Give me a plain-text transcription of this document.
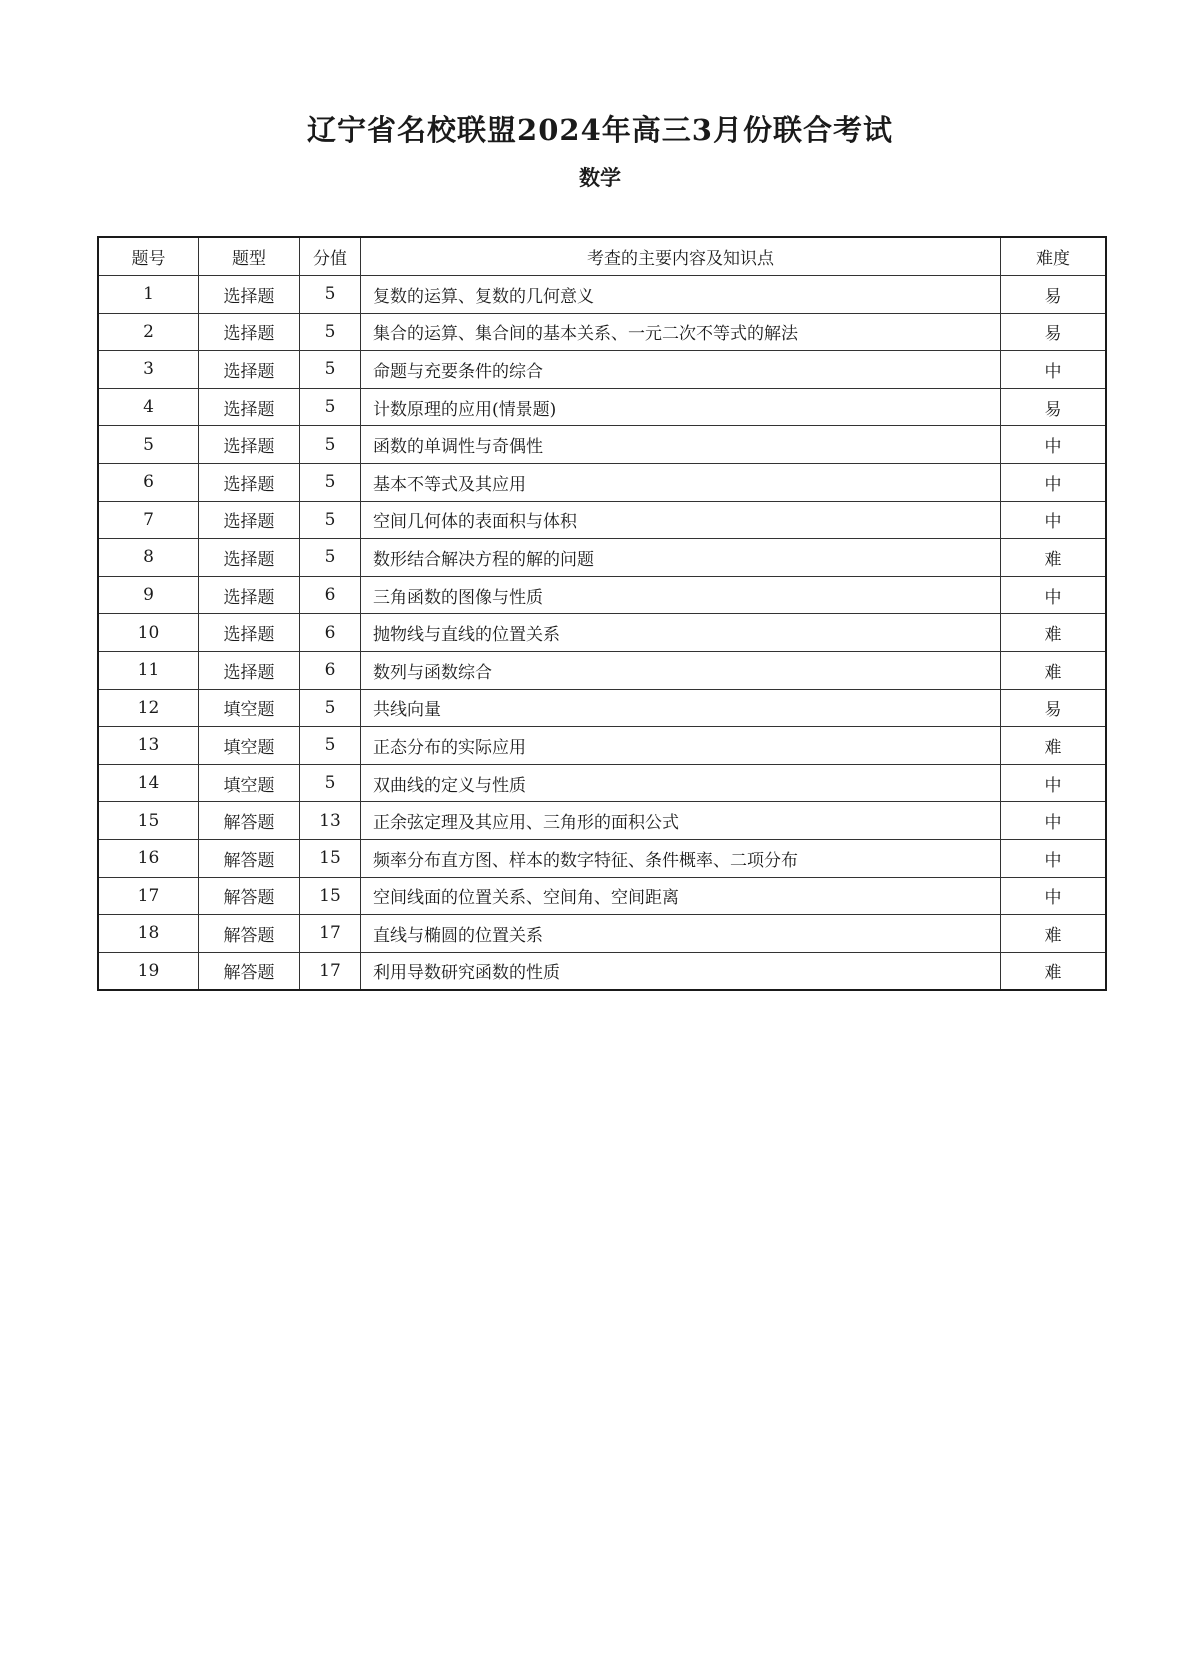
辽宁省名校联盟2024年高三3月份联合考试
数学
题号	题型	分值	考查的主要内容及知识点	难度
1	选择题	5	复数的运算、复数的几何意义	易
2	选择题	5	集合的运算、集合间的基本关系、一元二次不等式的解法	易
3	选择题	5	命题与充要条件的综合	中
4	选择题	5	计数原理的应用(情景题)	易
5	选择题	5	函数的单调性与奇偶性	中
6	选择题	5	基本不等式及其应用	中
7	选择题	5	空间几何体的表面积与体积	中
8	选择题	5	数形结合解决方程的解的问题	难
9	选择题	6	三角函数的图像与性质	中
10	选择题	6	抛物线与直线的位置关系	难
11	选择题	6	数列与函数综合	难
12	填空题	5	共线向量	易
13	填空题	5	正态分布的实际应用	难
14	填空题	5	双曲线的定义与性质	中
15	解答题	13	正余弦定理及其应用、三角形的面积公式	中
16	解答题	15	频率分布直方图、样本的数字特征、条件概率、二项分布	中
17	解答题	15	空间线面的位置关系、空间角、空间距离	中
18	解答题	17	直线与椭圆的位置关系	难
19	解答题	17	利用导数研究函数的性质	难
